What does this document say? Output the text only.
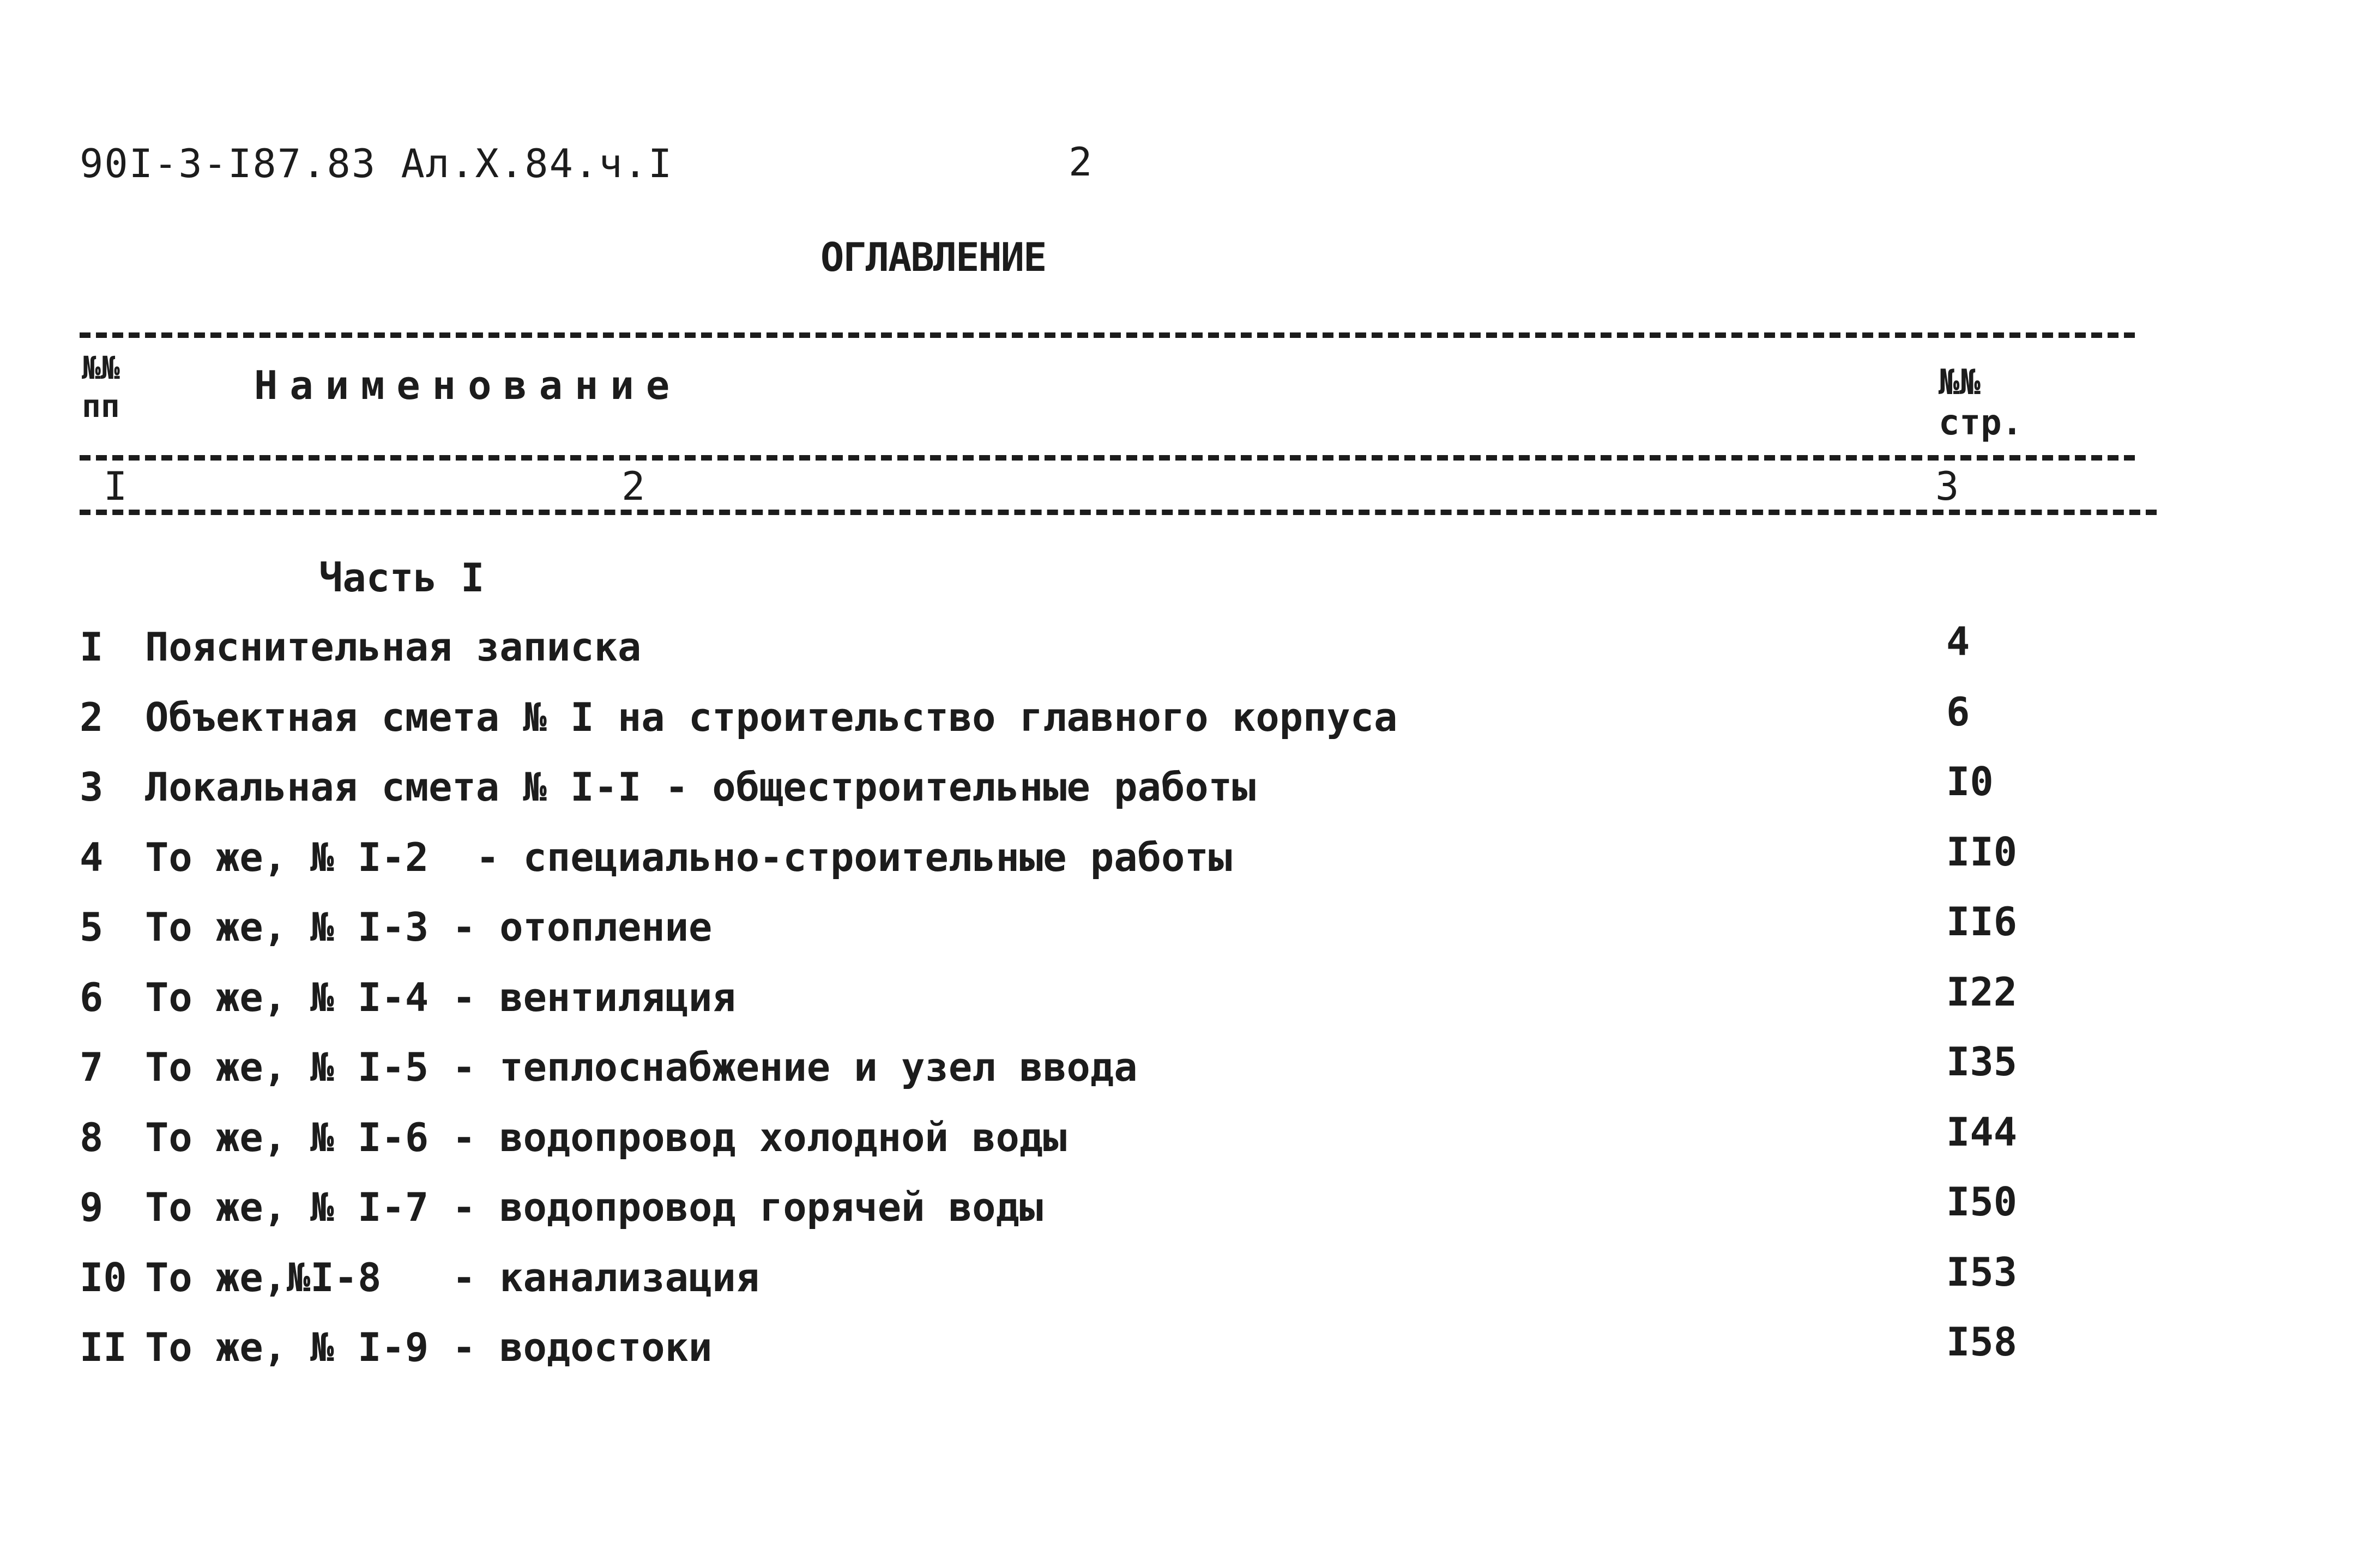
90I-3-I87.83 Ал.X.84.ч.I	2
ОГЛАВЛЕНИЕ
№№
пп	Наименование	№№
стр.
I	2	3
Часть I
I Пояснительная записка	4
2 Объектная смета № I на строительство главного корпуса	6
3 Локальная смета № I-I - общестроительные работы	I0
4 То же, № I-2  - специально-строительные работы	II0
5 То же, № I-3 - отопление	II6
6 То же, № I-4 - вентиляция	I22
7 То же, № I-5 - теплоснабжение и узел ввода	I35
8 То же, № I-6 - водопровод холодной воды	I44
9 То же, № I-7 - водопровод горячей воды	I50
I0 То же,№I-8   - канализация	I53
II То же, № I-9 - водостоки	I58
